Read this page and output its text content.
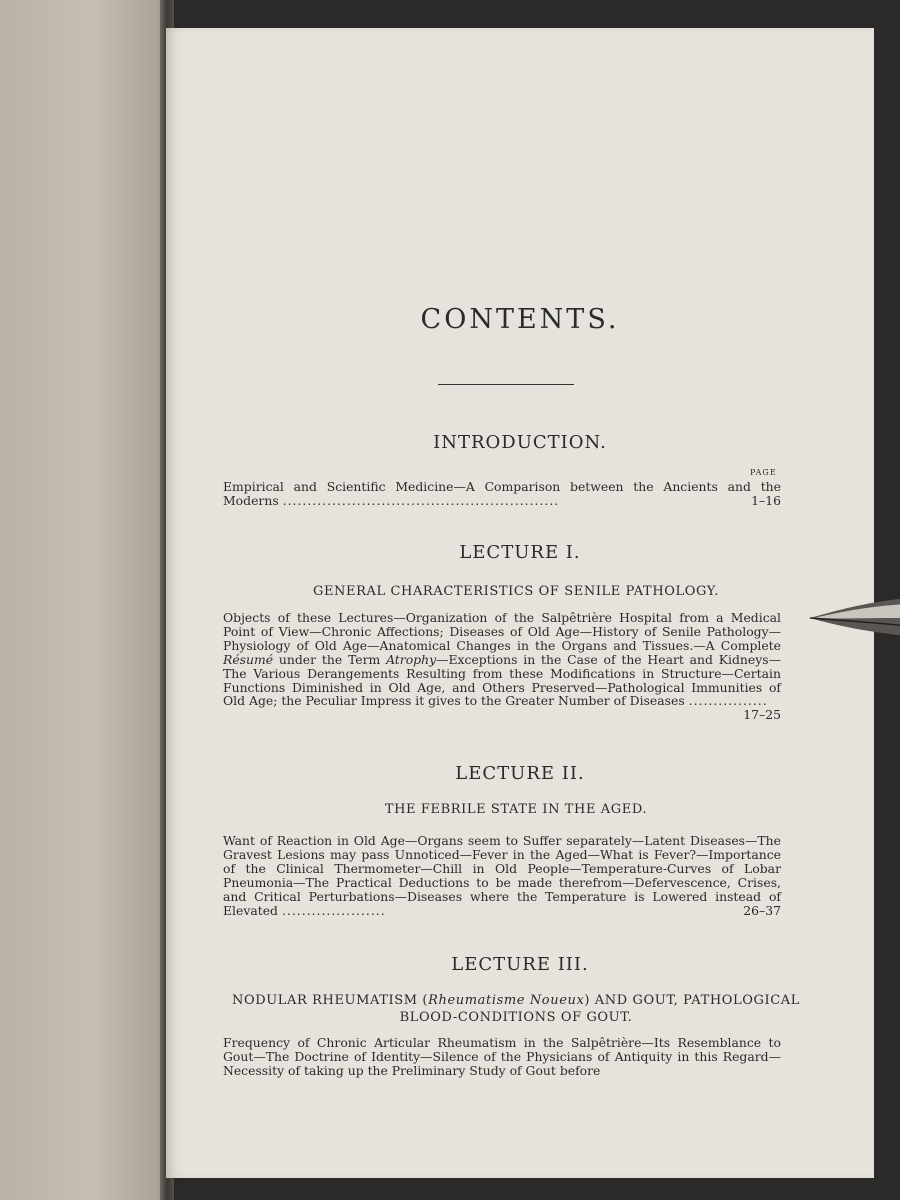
CONTENTS.
INTRODUCTION.
PAGE
Empirical and Scientific Medicine—A Comparison between the Ancients and the Moderns ........................................................	1–16
LECTURE I.
GENERAL CHARACTERISTICS OF SENILE PATHOLOGY.
Objects of these Lectures—Organization of the Salpêtrière Hospital from a Medical Point of View—Chronic Affections; Diseases of Old Age—History of Senile Pathology—Physiology of Old Age—Anatomical Changes in the Organs and Tissues.—A Complete Résumé under the Term Atrophy—Exceptions in the Case of the Heart and Kidneys—The Various Derangements Resulting from these Modifications in Structure—Certain Functions Diminished in Old Age, and Others Preserved—Pathological Immunities of Old Age; the Peculiar Impress it gives to the Greater Number of Diseases ................
17–25
LECTURE II.
THE FEBRILE STATE IN THE AGED.
Want of Reaction in Old Age—Organs seem to Suffer separately—Latent Diseases—The Gravest Lesions may pass Unnoticed—Fever in the Aged—What is Fever?—Importance of the Clinical Thermometer—Chill in Old People—Temperature-Curves of Lobar Pneumonia—The Practical Deductions to be made therefrom—Defervescence, Crises, and Critical Perturbations—Diseases where the Temperature is Lowered instead of Elevated .....................	26–37
LECTURE III.
NODULAR RHEUMATISM (Rheumatisme Noueux) AND GOUT, PATHOLOGICAL BLOOD-CONDITIONS OF GOUT.
Frequency of Chronic Articular Rheumatism in the Salpêtrière—Its Resemblance to Gout—The Doctrine of Identity—Silence of the Physicians of Antiquity in this Regard—Necessity of taking up the Preliminary Study of Gout before
